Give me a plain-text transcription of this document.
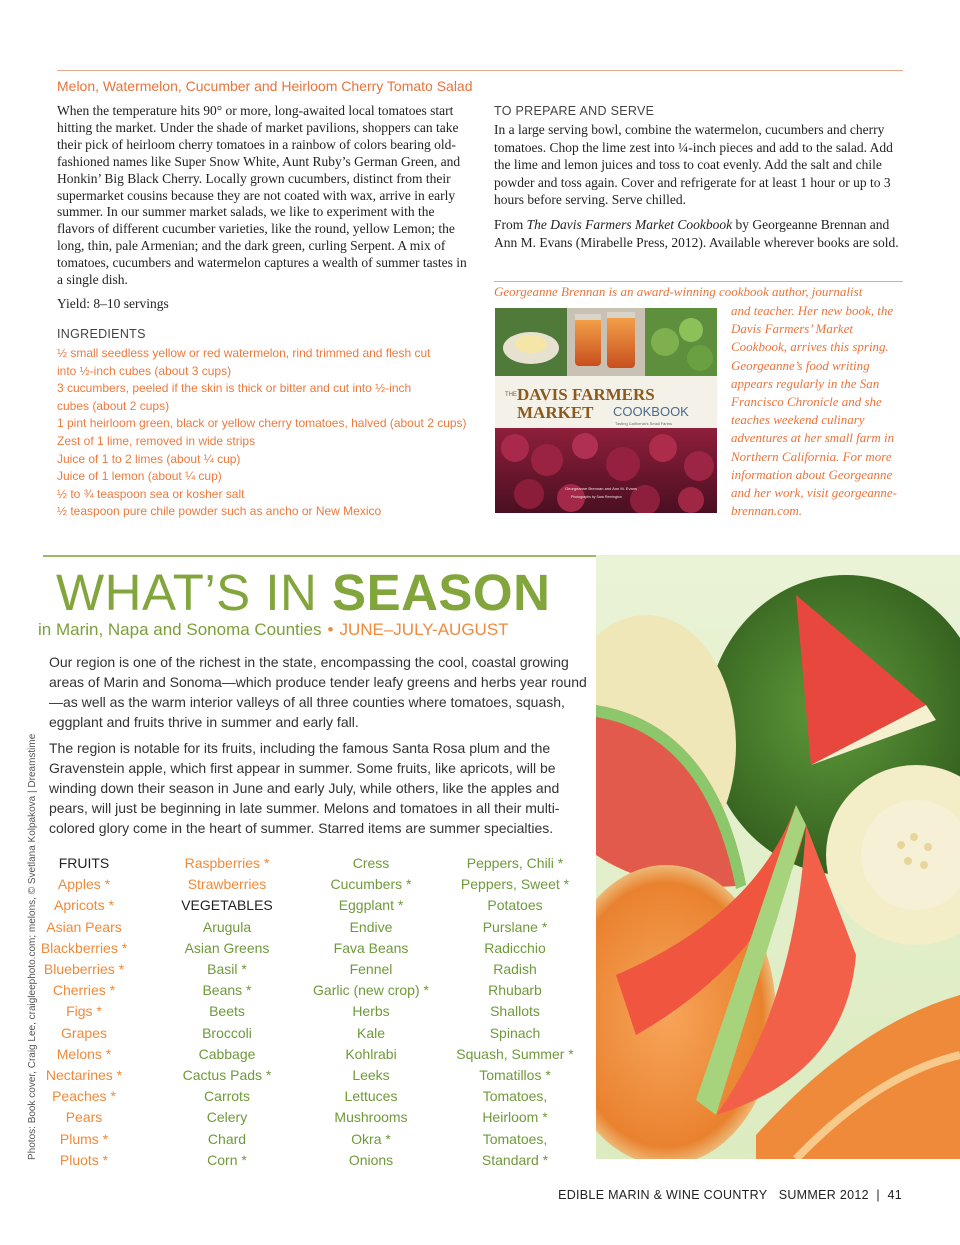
Melon, Watermelon, Cucumber and Heirloom Cherry Tomato Salad

When the temperature hits 90° or more, long-awaited local tomatoes start hitting the market. Under the shade of market pavilions, shoppers can take their pick of heirloom cherry tomatoes in a rainbow of colors bearing old-fashioned names like Super Snow White, Aunt Ruby’s German Green, and Honkin’ Big Black Cherry. Locally grown cucumbers, distinct from their supermarket cousins because they are not coated with wax, arrive in early summer. In our summer market salads, we like to experiment with the flavors of different cucumber varieties, like the round, yellow Lemon; the long, thin, pale Armenian; and the dark green, curling Serpent. A mix of tomatoes, cucumbers and watermelon captures a wealth of summer tastes in a single dish.

Yield: 8–10 servings
INGREDIENTS
½ small seedless yellow or red watermelon, rind trimmed and flesh cut
into ½-inch cubes (about 3 cups)
3 cucumbers, peeled if the skin is thick or bitter and cut into ½-inch
cubes (about 2 cups)
1 pint heirloom green, black or yellow cherry tomatoes, halved (about 2 cups)
Zest of 1 lime, removed in wide strips
Juice of 1 to 2 limes (about ¼ cup)
Juice of 1 lemon (about ¼ cup)
½ to ¾ teaspoon sea or kosher salt
½ teaspoon pure chile powder such as ancho or New Mexico
TO PREPARE AND SERVE

In a large serving bowl, combine the watermelon, cucumbers and cherry tomatoes. Chop the lime zest into ¼-inch pieces and add to the salad. Add the lime and lemon juices and toss to coat evenly. Add the salt and chile powder and toss again. Cover and refrigerate for at least 1 hour or up to 3 hours before serving. Serve chilled.

From The Davis Farmers Market Cookbook by Georgeanne Brennan and Ann M. Evans (Mirabelle Press, 2012). Available wherever books are sold.

Georgeanne Brennan is an award-winning cookbook author, journalist

and teacher. Her new book, the Davis Farmers’ Market Cookbook, arrives this spring. Georgeanne’s food writing appears regularly in the San Francisco Chronicle and she teaches weekend culinary adventures at her small farm in Northern California. For more information about Georgeanne and her work, visit georgeanne-brennan.com.

THE DAVIS FARMERS
MARKET COOKBOOK
Tasting California’s Small Farms
Georgeanne Brennan and Ann M. Evans
Photographs by Sara Remington
WHAT’S IN SEASON
in Marin, Napa and Sonoma Counties • JUNE–JULY-AUGUST

Our region is one of the richest in the state, encompassing the cool, coastal growing areas of Marin and Sonoma—which produce tender leafy greens and herbs year round—as well as the warm interior valleys of all three counties where tomatoes, squash, eggplant and fruits thrive in summer and early fall.

The region is notable for its fruits, including the famous Santa Rosa plum and the Gravenstein apple, which first appear in summer. Some fruits, like apricots, will be winding down their season in June and early July, while others, like the apples and pears, will just be beginning in late summer. Melons and tomatoes in all their multi-colored glory come in the heart of summer. Starred items are summer specialties.

Photos: Book cover, Craig Lee, craigleephoto.com; melons, © Svetlana Kolpakova | Dreamstime	FRUITS
Apples *
Apricots *
Asian Pears
Blackberries *
Blueberries *
Cherries *
Figs *
Grapes
Melons *
Nectarines *
Peaches *
Pears
Plums *
Pluots *
Raspberries *
Strawberries
VEGETABLES
Arugula
Asian Greens
Basil *
Beans *
Beets
Broccoli
Cabbage
Cactus Pads *
Carrots
Celery
Chard
Corn *
Cress
Cucumbers *
Eggplant *
Endive
Fava Beans
Fennel
Garlic (new crop) *
Herbs
Kale
Kohlrabi
Leeks
Lettuces
Mushrooms
Okra *
Onions
Peppers, Chili *
Peppers, Sweet *
Potatoes
Purslane *
Radicchio
Radish
Rhubarb
Shallots
Spinach
Squash, Summer *
Tomatillos *
Tomatoes,
Heirloom *
Tomatoes,
Standard *
EDIBLE MARIN & WINE COUNTRY SUMMER 2012 | 41
